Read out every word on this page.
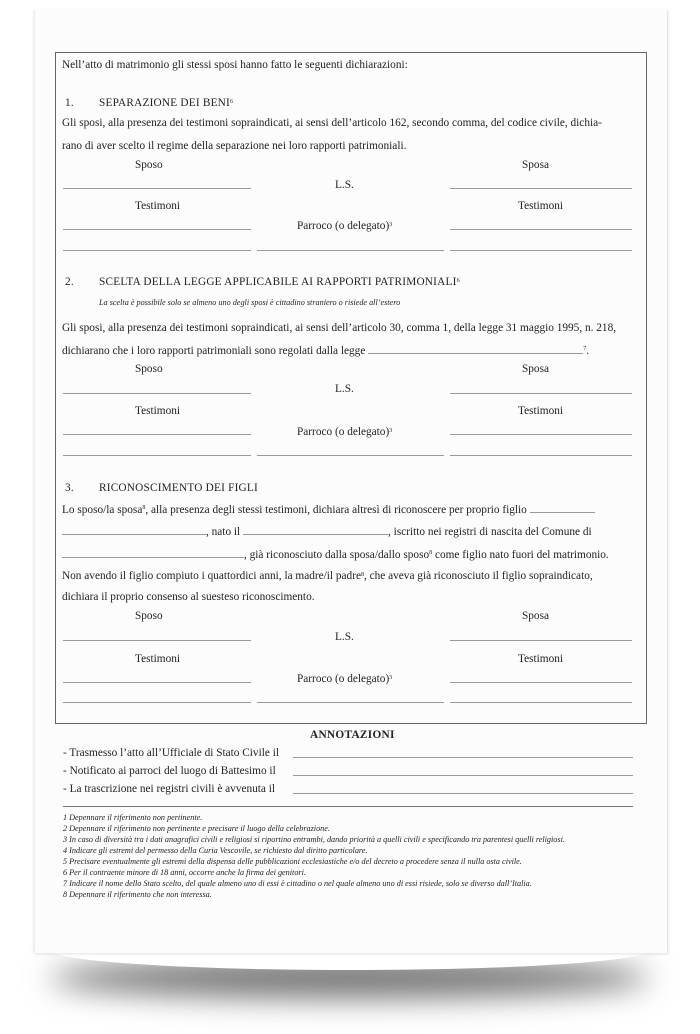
Nell’atto di matrimonio gli stessi sposi hanno fatto le seguenti dichiarazioni:
1. SEPARAZIONE DEI BENI$^6$
Gli sposi, alla presenza dei testimoni sopraindicati, ai sensi dell’articolo 162, secondo comma, del codice civile, dichia-
rano di aver scelto il regime della separazione nei loro rapporti patrimoniali.
Sposo	Sposa
L.S.
Testimoni	Testimoni
Parroco (o delegato)$^3$
2. SCELTA DELLA LEGGE APPLICABILE AI RAPPORTI PATRIMONIALI$^6$
La scelta è possibile solo se almeno uno degli sposi è cittadino straniero o risiede all’estero
Gli sposi, alla presenza dei testimoni sopraindicati, ai sensi dell’articolo 30, comma 1, della legge 31 maggio 1995, n. 218,
dichiarano che i loro rapporti patrimoniali sono regolati dalla legge	$^7$.
Sposo	Sposa
L.S.
Testimoni	Testimoni
Parroco (o delegato)$^3$
3. RICONOSCIMENTO DEI FIGLI
Lo sposo/la sposa$^8$, alla presenza degli stessi testimoni, dichiara altresì di riconoscere per proprio figlio
, nato il	, iscritto nei registri di nascita del Comune di
, già riconosciuto dalla sposa/dallo sposo$^8$ come figlio nato fuori del matrimonio.
Non avendo il figlio compiuto i quattordici anni, la madre/il padre$^8$, che aveva già riconosciuto il figlio sopraindicato,
dichiara il proprio consenso al suesteso riconoscimento.
Sposo	Sposa
L.S.
Testimoni	Testimoni
Parroco (o delegato)$^3$
ANNOTAZIONI
- Trasmesso l’atto all’Ufficiale di Stato Civile il
- Notificato ai parroci del luogo di Battesimo il
- La trascrizione nei registri civili è avvenuta il
1 Depennare il riferimento non pertinente.
2 Depennare il riferimento non pertinente e precisare il luogo della celebrazione.
3 In caso di diversità tra i dati anagrafici civili e religiosi si riportino entrambi, dando priorità a quelli civili e specificando tra parentesi quelli religiosi.
4 Indicare gli estremi del permesso della Curia Vescovile, se richiesto dal diritto particolare.
5 Precisare eventualmente gli estremi della dispensa delle pubblicazioni ecclesiastiche e/o del decreto a procedere senza il nulla osta civile.
6 Per il contraente minore di 18 anni, occorre anche la firma dei genitori.
7 Indicare il nome dello Stato scelto, del quale almeno uno di essi è cittadino o nel quale almeno uno di essi risiede, solo se diverso dall’Italia.
8 Depennare il riferimento che non interessa.
